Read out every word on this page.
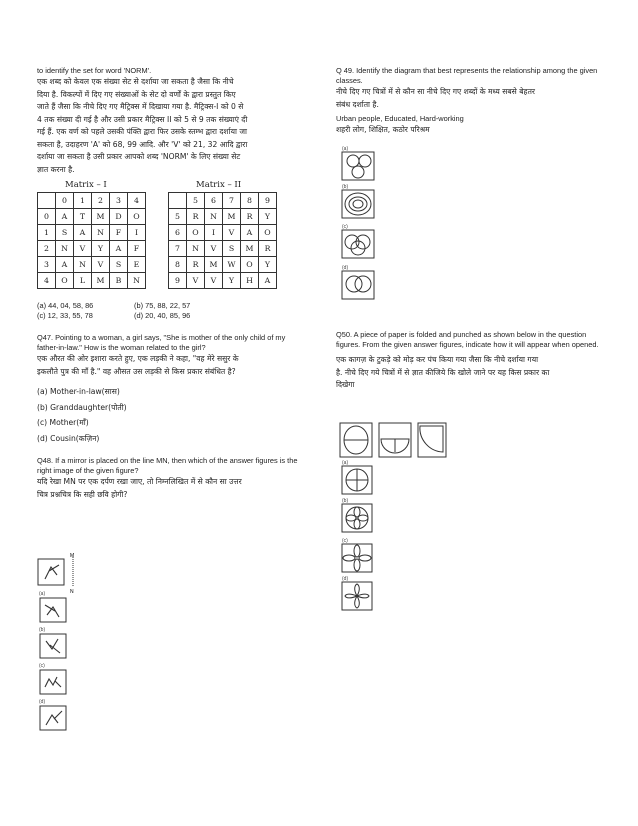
to identify the set for word 'NORM'.

एक शब्द को केवल एक संख्या सेट से दर्शाया जा सकता है जैसा कि नीचे

दिया है. विकल्पों में दिए गए संख्याओं के सेट दो वर्णों के द्वारा प्रस्तुत किए

जाते हैं जैसा कि नीचे दिए गए मैट्रिक्स में दिखाया गया है. मैट्रिक्स-I को 0 से

4 तक संख्या दी गई है और उसी प्रकार मैट्रिक्स II को 5 से 9 तक संख्याएं दी

गई हैं. एक वर्ण को पहले उसकी पंक्ति द्वारा फिर उसके स्तम्भ द्वारा दर्शाया जा

सकता है, उदाहरण 'A' को 68, 99 आदि. और 'V' को 21, 32 आदि द्वारा

दर्शाया जा सकता है उसी प्रकार आपको शब्द 'NORM' के लिए संख्या सेट

ज्ञात करना है.

Matrix – I
	0	1	2	3	4
0	A	T	M	D	O
1	S	A	N	F	I
2	N	V	Y	A	F
3	A	N	V	S	E
4	O	L	M	B	N
Matrix – II
	5	6	7	8	9
5	R	N	M	R	Y
6	O	I	V	A	O
7	N	V	S	M	R
8	R	M	W	O	Y
9	V	V	Y	H	A
(a) 44, 04, 58, 86	(b) 75, 88, 22, 57
(c) 12, 33, 55, 78	(d) 20, 40, 85, 96

Q47. Pointing to a woman, a girl says, "She is mother of the only child of my father-in-law." How is the woman related to the girl?

एक औरत की ओर इशारा करते हुए, एक लड़की ने कहा, "वह मेरे ससुर के

इकलौते पुत्र की माँ है." वह औसत उस लड़की से किस प्रकार संबंधित है?

(a) Mother-in-law(सास)

(b) Granddaughter(पोती)

(c) Mother(माँ)

(d) Cousin(कज़िन)

Q48. If a mirror is placed on the line MN, then which of the answer figures is the right image of the given figure?

यदि रेखा MN पर एक दर्पण रखा जाए, तो निम्नलिखित में से कौन सा उत्तर

चित्र प्रश्नचित्र कि सही छवि होगी?

M
N
(a)
(b)
(c)
(d)

Q 49. Identify the diagram that best represents the relationship among the given classes.

नीचे दिए गए चित्रों में से कौन सा नीचे दिए गए शब्दों के मध्य सबसे बेहतर

संबंध दर्शाता है.

Urban people, Educated, Hard-working

शहरी लोग, शिक्षित, कठोर परिश्रम

(a)
(b)
(c)
(d)

Q50. A piece of paper is folded and punched as shown below in the question figures. From the given answer figures, indicate how it will appear when opened.

एक कागज़ के टुकड़े को मोड़ कर पंच किया गया जैसा कि नीचे दर्शाया गया

है. नीचे दिए गये चित्रों में से ज्ञात कीजिये कि खोले जाने पर यह किस प्रकार का

दिखेगा

(a)
(b)
(c)
(d)
